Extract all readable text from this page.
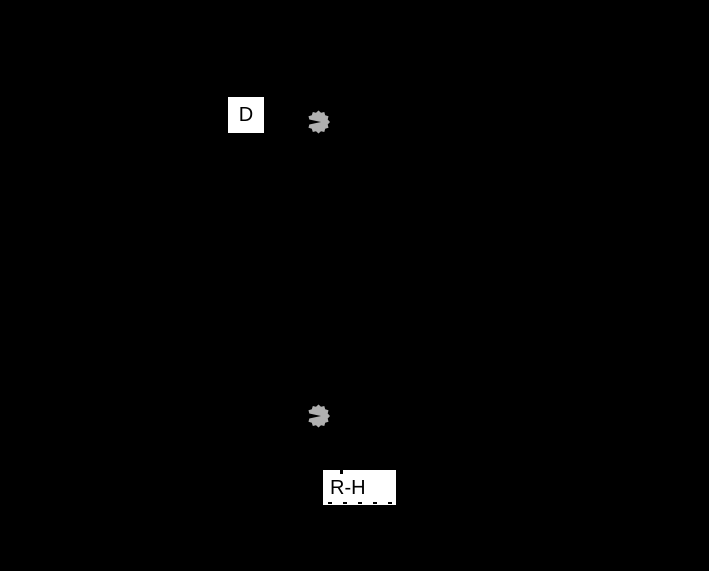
D
R-H
